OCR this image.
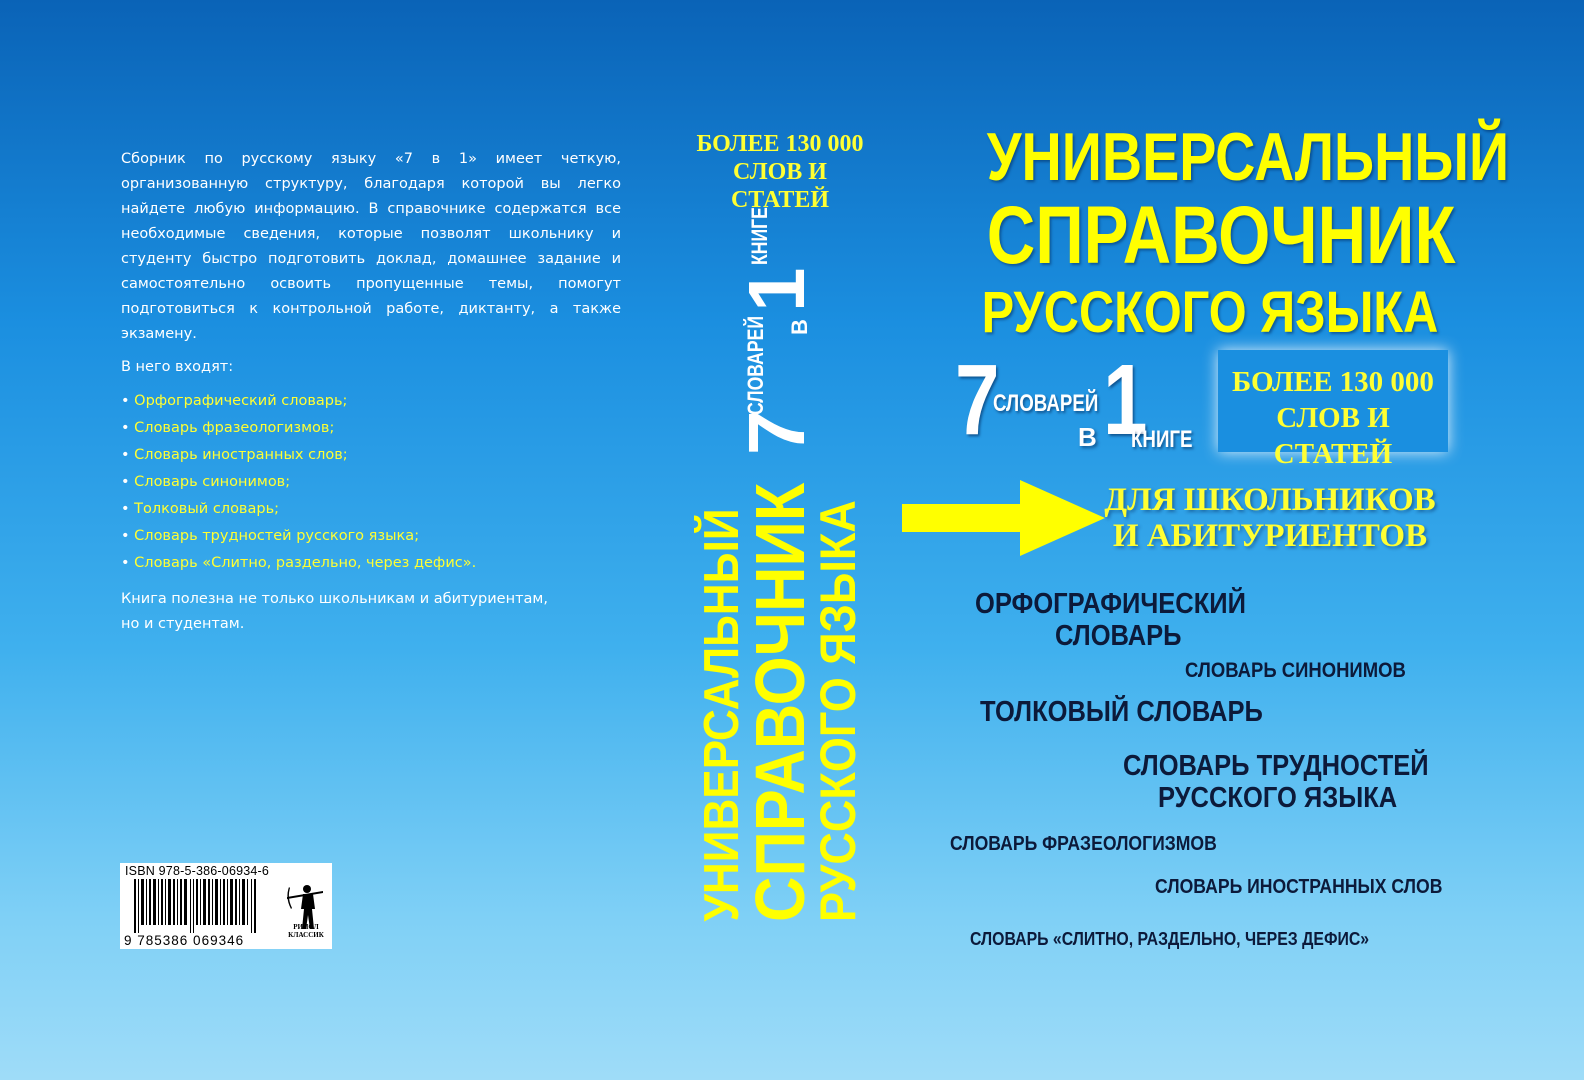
Сборник по русскому языку «7 в 1» имеет четкую, организованную структуру, благодаря которой вы легко найдете любую информацию. В справочнике содержатся все необходимые сведения, которые позволят школьнику и студенту быстро подготовить доклад, домашнее задание и самостоятельно освоить пропущенные темы, помогут подготовиться к контрольной работе, диктанту, а также экзамену.

В него входят:

• Орфографический словарь;
• Словарь фразеологизмов;
• Словарь иностранных слов;
• Словарь синонимов;
• Толковый словарь;
• Словарь трудностей русского языка;
• Словарь «Слитно, раздельно, через дефис».

Книга полезна не только школьникам и абитуриентам, но и студентам.

ISBN 978-5-386-06934-6
9 785386 069346
РИПОЛ КЛАССИК
БОЛЕЕ 130 000
СЛОВ И СТАТЕЙ
7
СЛОВАРЕЙ В
1
КНИГЕ
УНИВЕРСАЛЬНЫЙ
СПРАВОЧНИК
РУССКОГО ЯЗЫКА
УНИВЕРСАЛЬНЫЙ
СПРАВОЧНИК
РУССКОГО ЯЗЫКА
7
СЛОВАРЕЙ
В 1
КНИГЕ
БОЛЕЕ 130 000
СЛОВ И СТАТЕЙ
ДЛЯ ШКОЛЬНИКОВ
И АБИТУРИЕНТОВ
ОРФОГРАФИЧЕСКИЙ
СЛОВАРЬ
СЛОВАРЬ СИНОНИМОВ
ТОЛКОВЫЙ СЛОВАРЬ
СЛОВАРЬ ТРУДНОСТЕЙ
РУССКОГО ЯЗЫКА
СЛОВАРЬ ФРАЗЕОЛОГИЗМОВ
СЛОВАРЬ ИНОСТРАННЫХ СЛОВ
СЛОВАРЬ «СЛИТНО, РАЗДЕЛЬНО, ЧЕРЕЗ ДЕФИС»
